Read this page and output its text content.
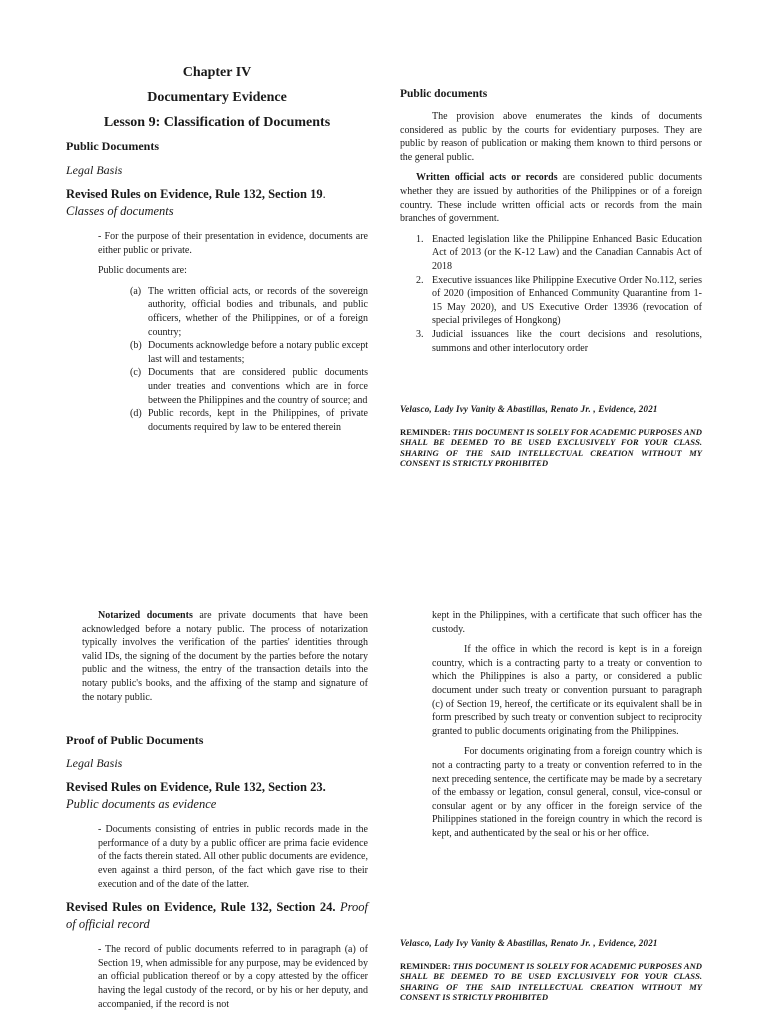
Chapter IV
Documentary Evidence
Lesson 9: Classification of Documents
Public Documents
Legal Basis
Revised Rules on Evidence, Rule 132, Section 19.
Classes of documents

- For the purpose of their presentation in evidence, documents are either public or private.

Public documents are:

(a) The written official acts, or records of the sovereign authority, official bodies and tribunals, and public officers, whether of the Philippines, or of a foreign country;
(b) Documents acknowledge before a notary public except last will and testaments;
(c) Documents that are considered public documents under treaties and conventions which are in force between the Philippines and the country of source; and
(d) Public records, kept in the Philippines, of private documents required by law to be entered therein
Public documents

The provision above enumerates the kinds of documents considered as public by the courts for evidentiary purposes. They are public by reason of publication or making them known to third persons or the general public.

Written official acts or records are considered public documents whether they are issued by authorities of the Philippines or of a foreign country. These include written official acts or records from the main branches of government.

1. Enacted legislation like the Philippine Enhanced Basic Education Act of 2013 (or the K-12 Law) and the Canadian Cannabis Act of 2018
2. Executive issuances like Philippine Executive Order No.112, series of 2020 (imposition of Enhanced Community Quarantine from 1-15 May 2020), and US Executive Order 13936 (revocation of special privileges of Hongkong)
3. Judicial issuances like the court decisions and resolutions, summons and other interlocutory order
Velasco, Lady Ivy Vanity & Abastillas, Renato Jr. , Evidence, 2021
REMINDER: THIS DOCUMENT IS SOLELY FOR ACADEMIC PURPOSES AND SHALL BE DEEMED TO BE USED EXCLUSIVELY FOR YOUR CLASS. SHARING OF THE SAID INTELLECTUAL CREATION WITHOUT MY CONSENT IS STRICTLY PROHIBITED

Notarized documents are private documents that have been acknowledged before a notary public. The process of notarization typically involves the verification of the parties' identities through valid IDs, the signing of the document by the parties before the notary public and the witness, the entry of the transaction details into the notary public's books, and the affixing of the stamp and signature of the notary public.

Proof of Public Documents
Legal Basis
Revised Rules on Evidence, Rule 132, Section 23.
Public documents as evidence

- Documents consisting of entries in public records made in the performance of a duty by a public officer are prima facie evidence of the facts therein stated. All other public documents are evidence, even against a third person, of the fact which gave rise to their execution and of the date of the latter.

Revised Rules on Evidence, Rule 132, Section 24. Proof of official record

- The record of public documents referred to in paragraph (a) of Section 19, when admissible for any purpose, may be evidenced by an official publication thereof or by a copy attested by the officer having the legal custody of the record, or by his or her deputy, and accompanied, if the record is not

kept in the Philippines, with a certificate that such officer has the custody.

If the office in which the record is kept is in a foreign country, which is a contracting party to a treaty or convention to which the Philippines is also a party, or considered a public document under such treaty or convention pursuant to paragraph (c) of Section 19, hereof, the certificate or its equivalent shall be in form prescribed by such treaty or convention subject to reciprocity granted to public documents originating from the Philippines.

For documents originating from a foreign country which is not a contracting party to a treaty or convention referred to in the next preceding sentence, the certificate may be made by a secretary of the embassy or legation, consul general, consul, vice-consul or consular agent or by any officer in the foreign service of the Philippines stationed in the foreign country in which the record is kept, and authenticated by the seal or his or her office.

Velasco, Lady Ivy Vanity & Abastillas, Renato Jr. , Evidence, 2021
REMINDER: THIS DOCUMENT IS SOLELY FOR ACADEMIC PURPOSES AND SHALL BE DEEMED TO BE USED EXCLUSIVELY FOR YOUR CLASS. SHARING OF THE SAID INTELLECTUAL CREATION WITHOUT MY CONSENT IS STRICTLY PROHIBITED
